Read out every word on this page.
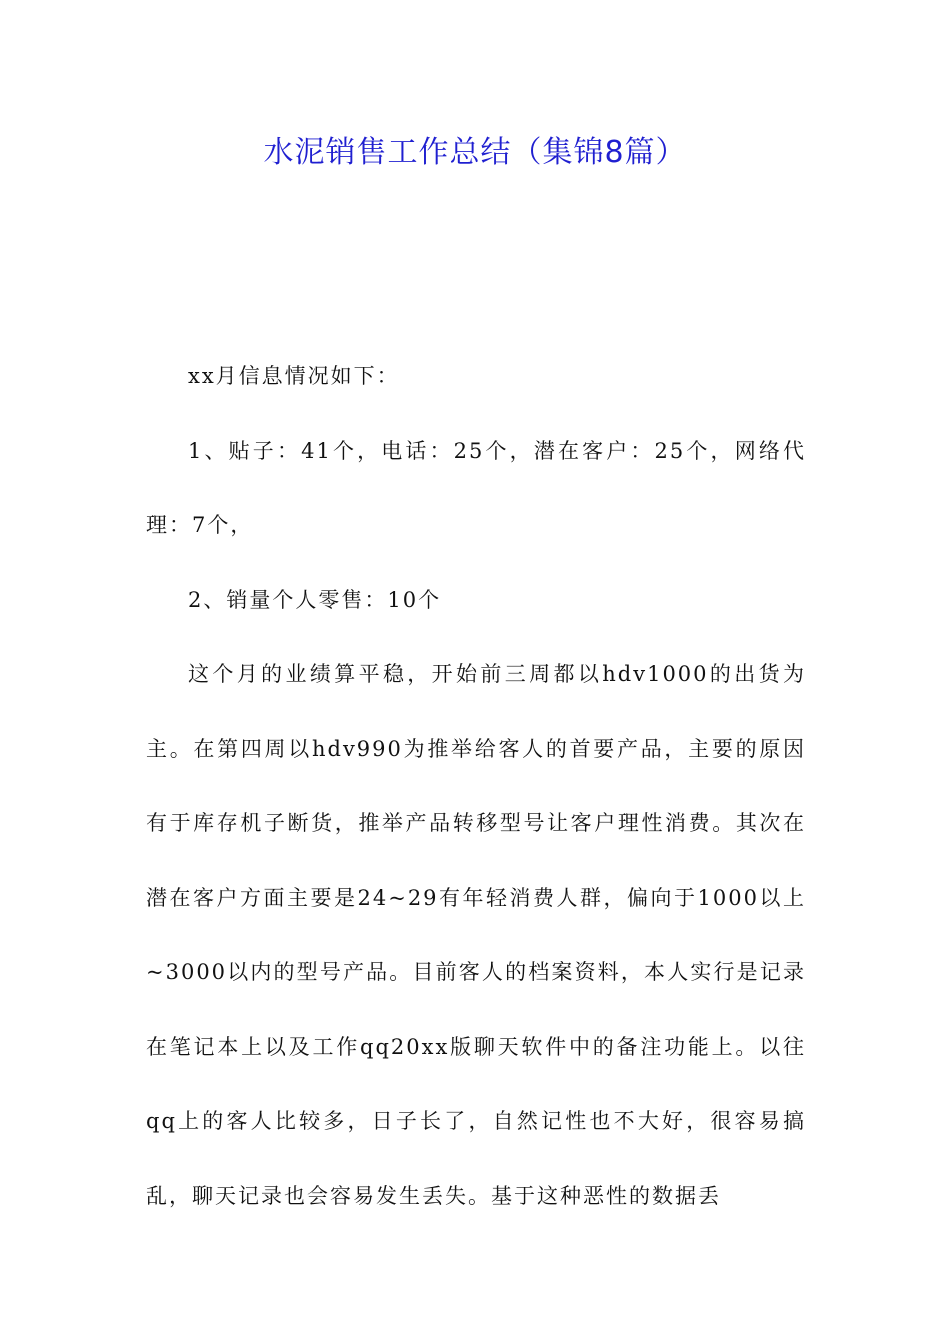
水泥销售工作总结（集锦8篇）

xx月信息情况如下：

1、贴子：41个，电话：25个，潜在客户：25个，网络代理：7个，

2、销量个人零售：10个

这个月的业绩算平稳，开始前三周都以hdv1000的出货为主。在第四周以hdv990为推举给客人的首要产品，主要的原因有于库存机子断货，推举产品转移型号让客户理性消费。其次在潜在客户方面主要是24~29有年轻消费人群，偏向于1000以上~3000以内的型号产品。目前客人的档案资料，本人实行是记录在笔记本上以及工作qq20xx版聊天软件中的备注功能上。以往qq上的客人比较多，日子长了，自然记性也不大好，很容易搞乱，聊天记录也会容易发生丢失。基于这种恶性的数据丢
